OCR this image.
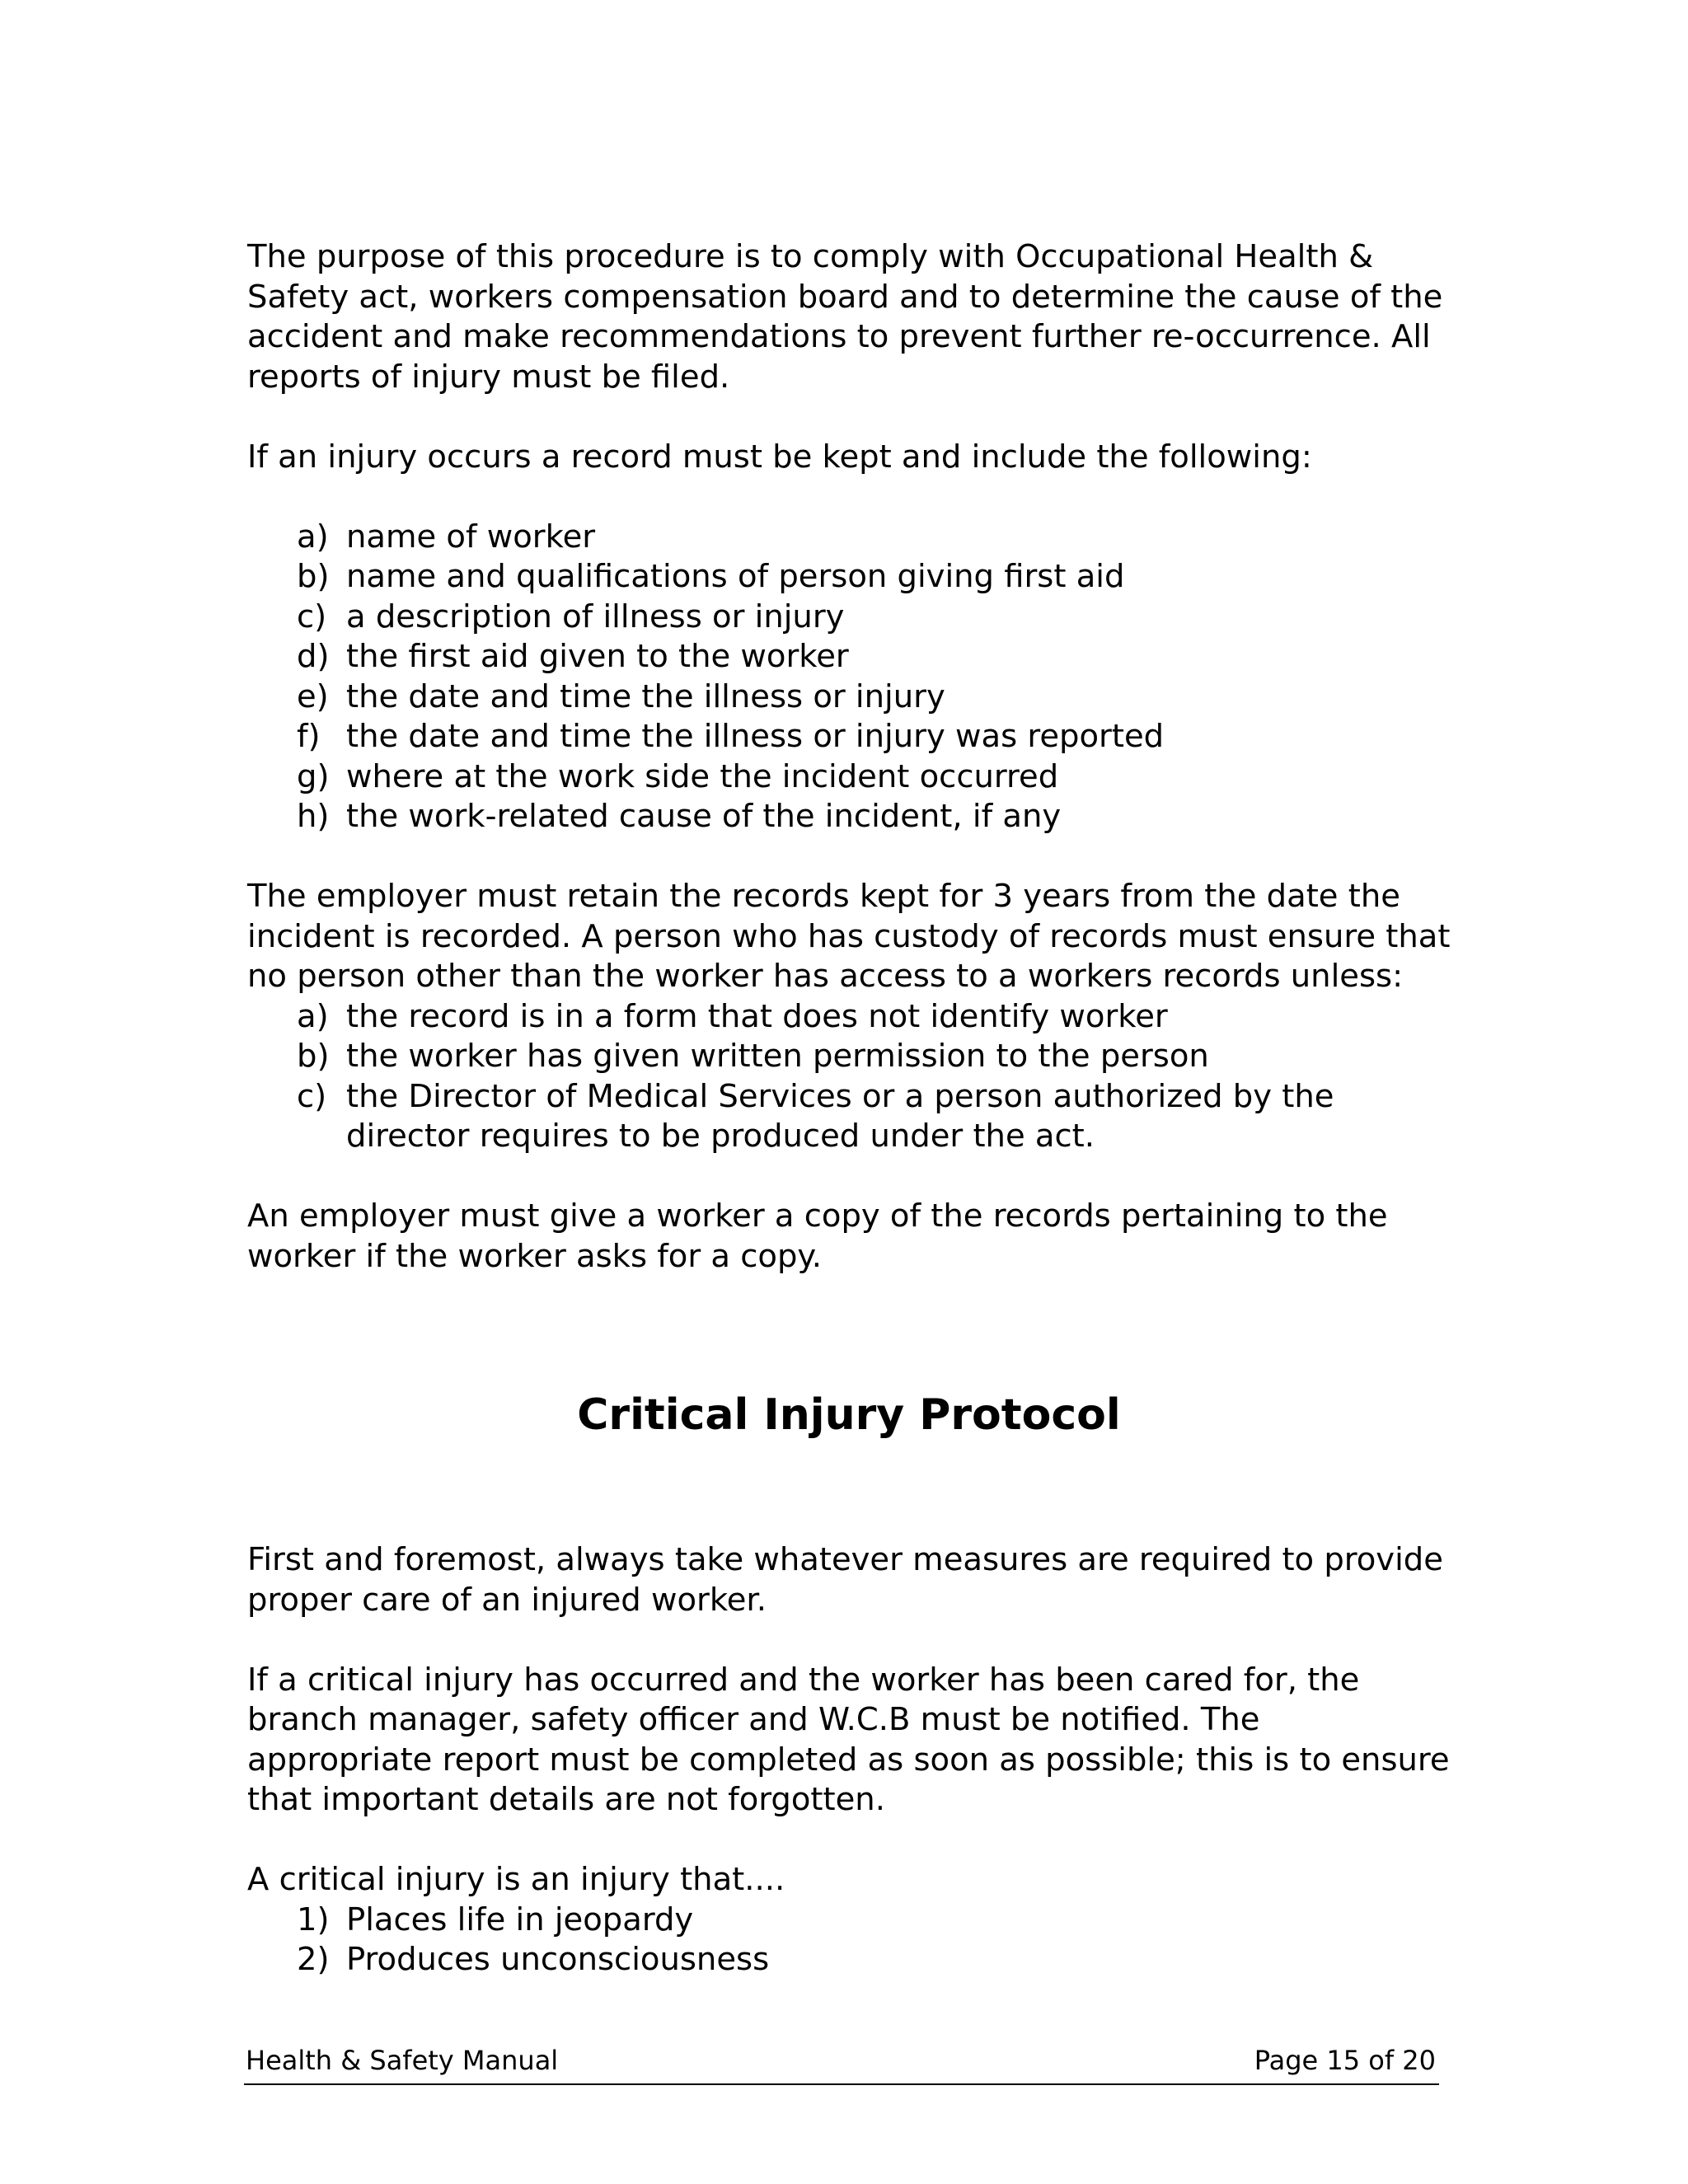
The purpose of this procedure is to comply with Occupational Health & Safety act, workers compensation board and to determine the cause of the accident and make recommendations to prevent further re-occurrence. All reports of injury must be filed.

If an injury occurs a record must be kept and include the following:

a) name of worker
b) name and qualifications of person giving first aid
c) a description of illness or injury
d) the first aid given to the worker
e) the date and time the illness or injury
f) the date and time the illness or injury was reported
g) where at the work side the incident occurred
h) the work-related cause of the incident, if any

The employer must retain the records kept for 3 years from the date the incident is recorded. A person who has custody of records must ensure that no person other than the worker has access to a workers records unless:

a) the record is in a form that does not identify worker
b) the worker has given written permission to the person
c) the Director of Medical Services or a person authorized by the director requires to be produced under the act.

An employer must give a worker a copy of the records pertaining to the worker if the worker asks for a copy.

Critical Injury Protocol

First and foremost, always take whatever measures are required to provide proper care of an injured worker.

If a critical injury has occurred and the worker has been cared for, the branch manager, safety officer and W.C.B must be notified. The appropriate report must be completed as soon as possible; this is to ensure that important details are not forgotten.

A critical injury is an injury that....

1) Places life in jeopardy
2) Produces unconsciousness
Health & Safety Manual	Page 15 of 20
